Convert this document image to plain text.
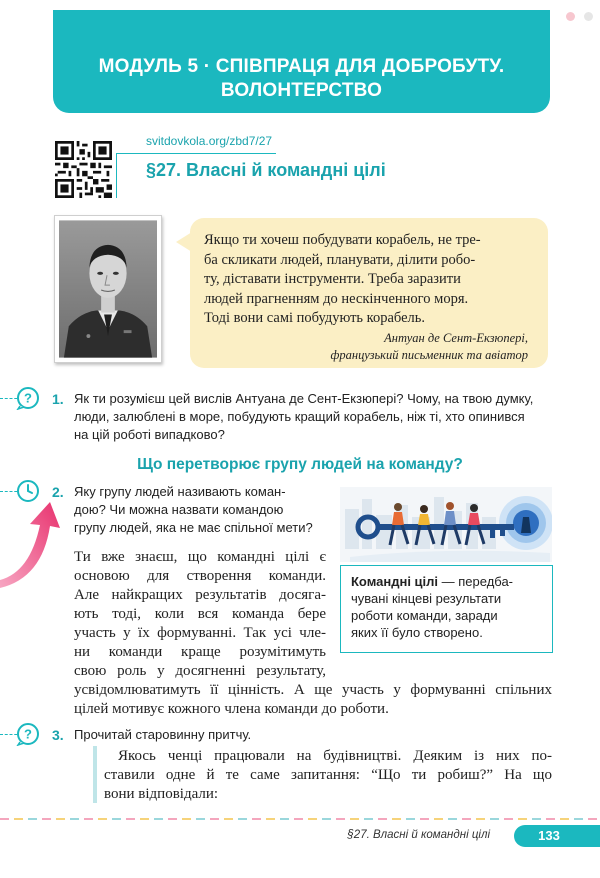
МОДУЛЬ 5 · СПІВПРАЦЯ ДЛЯ ДОБРОБУТУ.
ВОЛОНТЕРСТВО
svitdovkola.org/zbd7/27
§27. Власні й командні цілі
Якщо ти хочеш побудувати корабель, не тре-
ба скликати людей, планувати, ділити робо-
ту, діставати інструменти. Треба заразити
людей прагненням до нескінченного моря.
Тоді вони самі побудують корабель.
Антуан де Сент-Екзюпері,
французький письменник та авіатор
? 1. Як ти розумієш цей вислів Антуана де Сент-Екзюпері? Чому, на твою думку,
люди, залюблені в море, побудують кращий корабель, ніж ті, хто опинився
на цій роботі випадково?
Що перетворює групу людей на команду?
2. Яку групу людей називають коман-
дою? Чи можна назвати командою
групу людей, яка не має спільної мети?
Командні цілі — передба-
чувані кінцеві результати
роботи команди, заради
яких її було створено.
Ти вже знаєш, що командні цілі є
основою для створення команди.
Але найкращих результатів досяга-
ють тоді, коли вся команда бере
участь у їх формуванні. Так усі чле-
ни команди краще розумітимуть
свою роль у досягненні результату,
усвідомлюватимуть її цінність. А ще участь у формуванні спільних
цілей мотивує кожного члена команди до роботи.
? 3. Прочитай старовинну притчу.
Якось ченці працювали на будівництві. Деяким із них по-
ставили одне й те саме запитання: “Що ти робиш?” На що
вони відповідали:
§27. Власні й командні цілі	133
